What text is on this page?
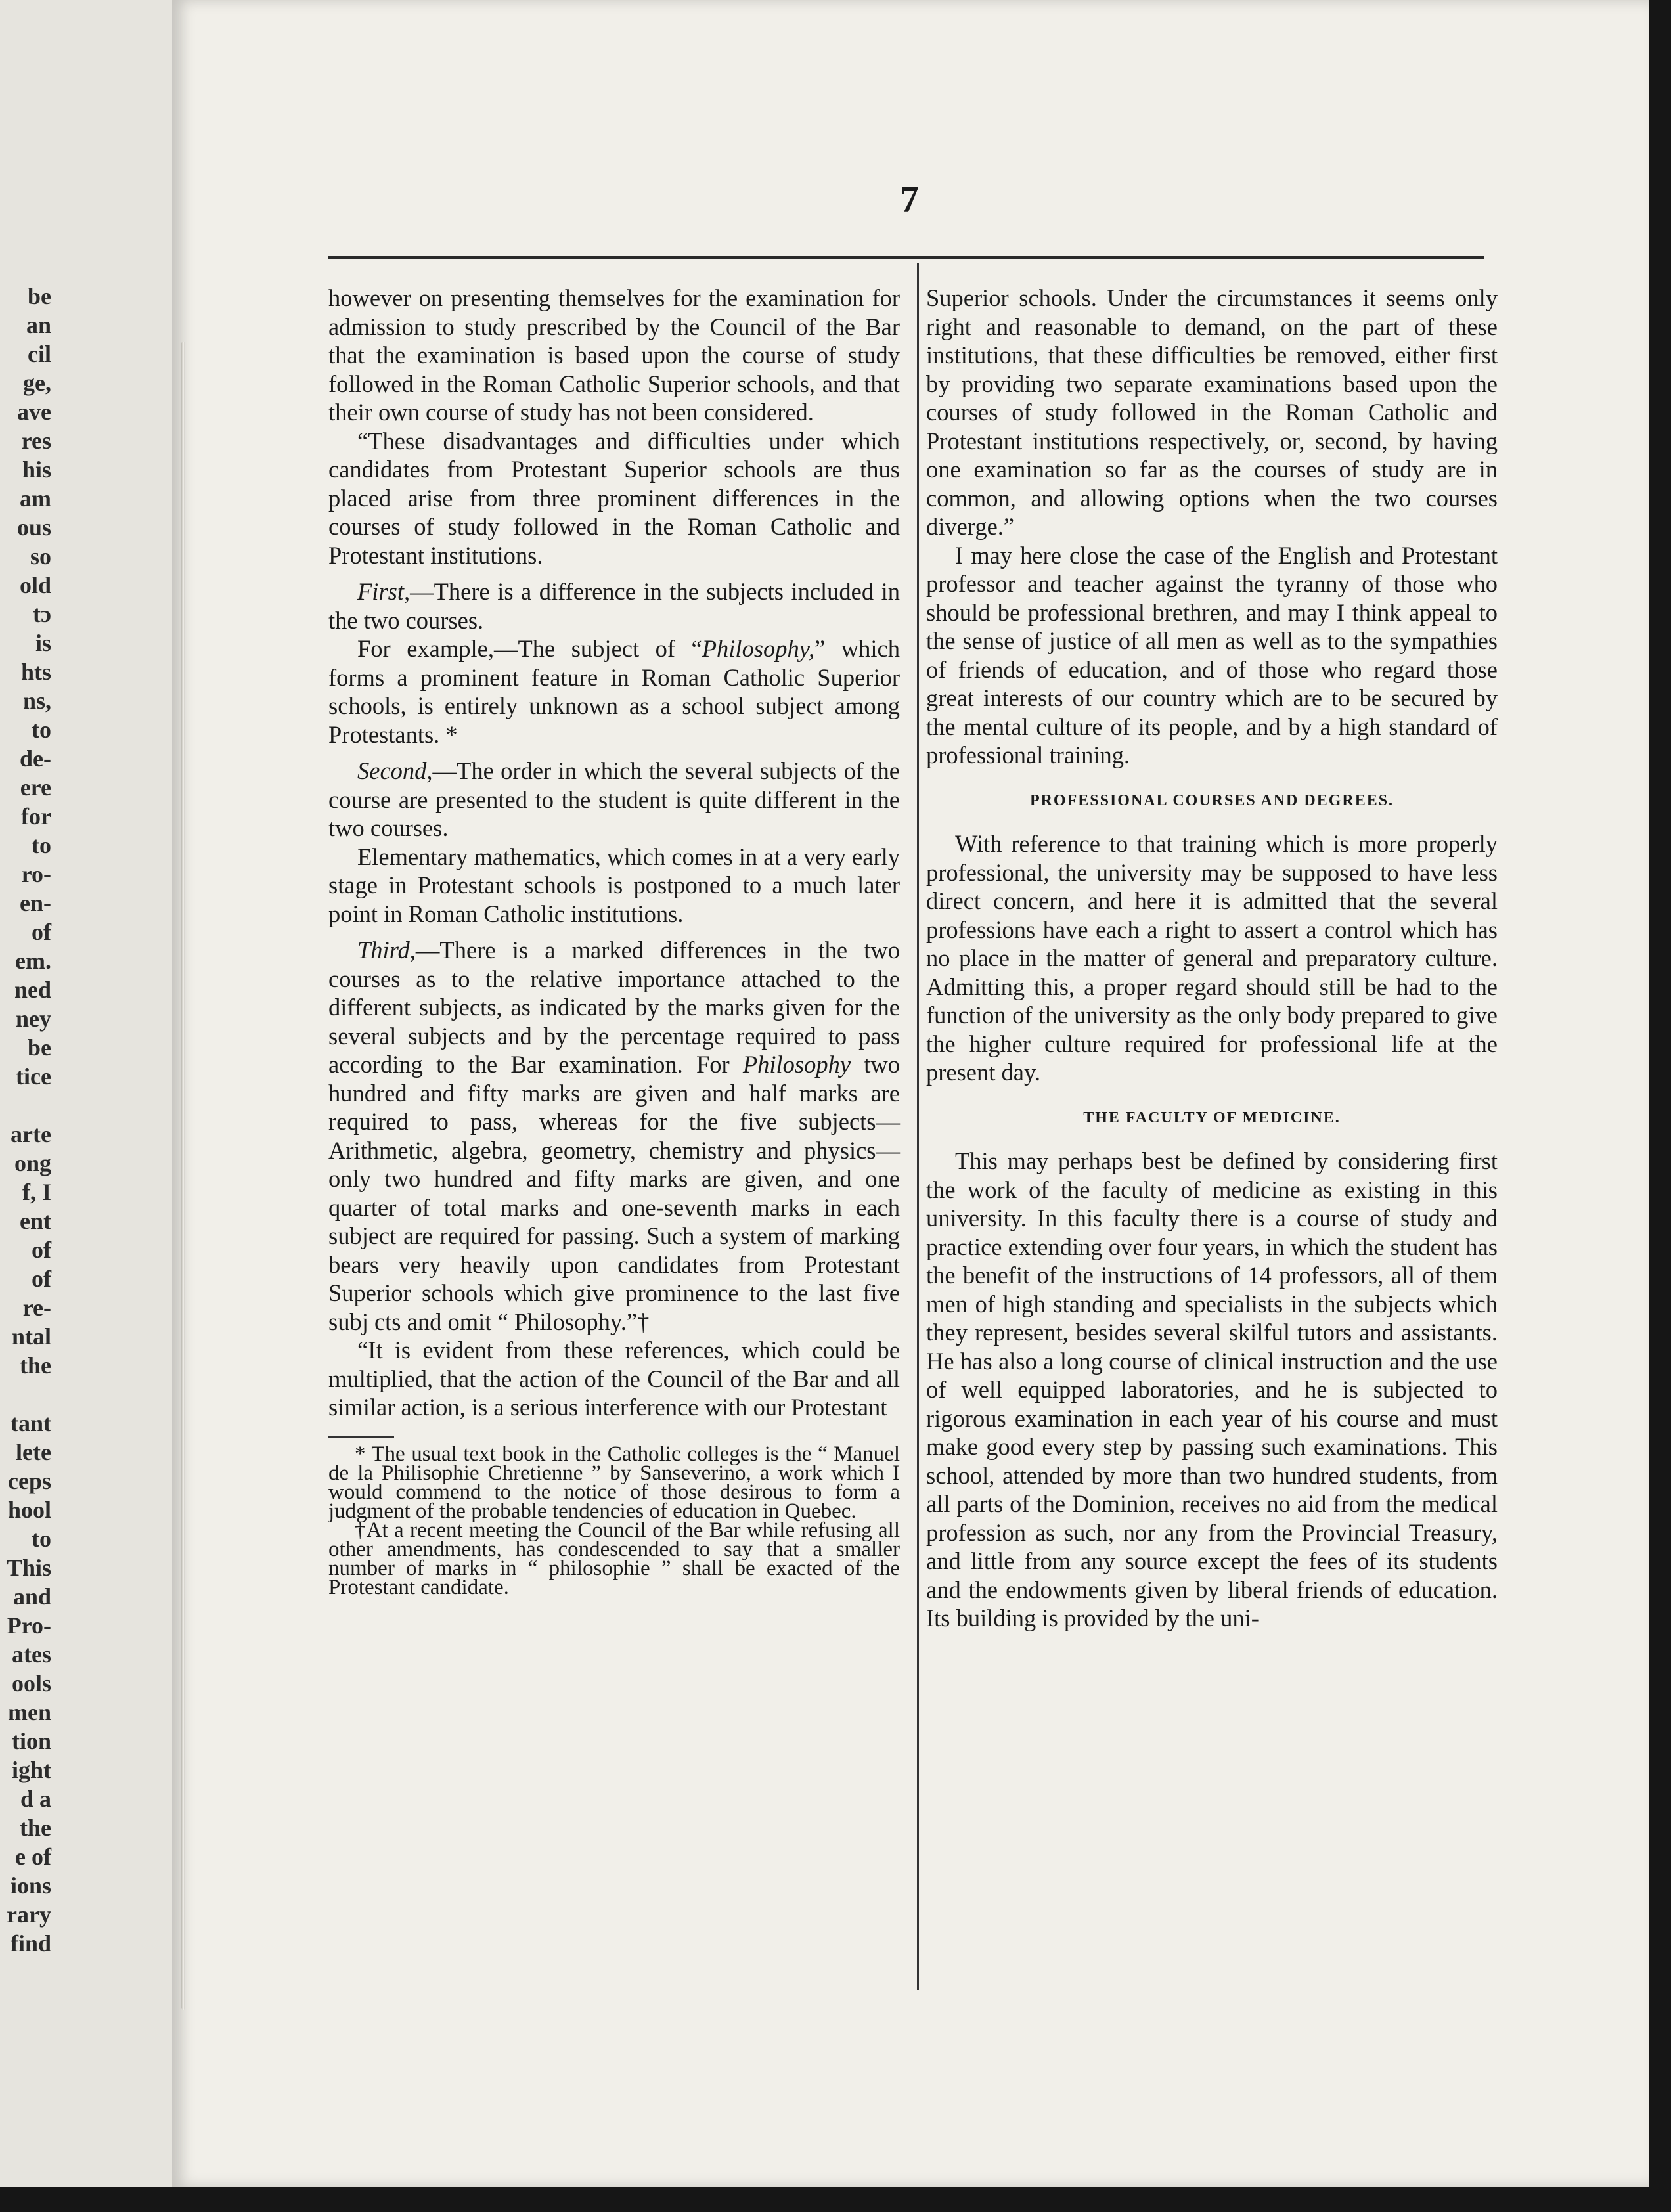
be
an
cil
ge,
ave
res
his
am
ous
so
old
tɔ
is
hts
ns,
to
de-
ere
for
to
ro-
en-
of
em.
ned
ney
be
tice
arte
ong
f, I
ent
of
of
re-
ntal
the
tant
lete
ceps
hool
to
This
and
Pro-
ates
ools
men
tion
ight
d a
the
e of
ions
rary
find
7

however on presenting themselves for the examination for admission to study prescribed by the Council of the Bar that the examination is based upon the course of study followed in the Roman Catholic Superior schools, and that their own course of study has not been considered.

“These disadvantages and difficulties under which candidates from Protestant Superior schools are thus placed arise from three prominent differences in the courses of study followed in the Roman Catholic and Protestant institutions.

First,—There is a difference in the subjects included in the two courses.

For example,—The subject of “Philosophy,” which forms a prominent feature in Roman Catholic Superior schools, is entirely unknown as a school subject among Protestants. *

Second,—The order in which the several subjects of the course are presented to the student is quite different in the two courses.

Elementary mathematics, which comes in at a very early stage in Protestant schools is postponed to a much later point in Roman Catholic institutions.

Third,—There is a marked differences in the two courses as to the relative importance attached to the different subjects, as indicated by the marks given for the several subjects and by the percentage required to pass according to the Bar examination. For Philosophy two hundred and fifty marks are given and half marks are required to pass, whereas for the five subjects—Arithmetic, algebra, geometry, chemistry and physics—only two hundred and fifty marks are given, and one quarter of total marks and one-seventh marks in each subject are required for passing. Such a system of marking bears very heavily upon candidates from Protestant Superior schools which give prominence to the last five subj cts and omit “ Philosophy.”†

“It is evident from these references, which could be multiplied, that the action of the Council of the Bar and all similar action, is a serious interference with our Protestant

* The usual text book in the Catholic colleges is the “ Manuel de la Philisophie Chretienne ” by Sanseverino, a work which I would commend to the notice of those desirous to form a judgment of the probable tendencies of education in Quebec.

†At a recent meeting the Council of the Bar while refusing all other amendments, has condescended to say that a smaller number of marks in “ philosophie ” shall be exacted of the Protestant candidate.

Superior schools. Under the circumstances it seems only right and reasonable to demand, on the part of these institutions, that these difficulties be removed, either first by providing two separate examinations based upon the courses of study followed in the Roman Catholic and Protestant institutions respectively, or, second, by having one examination so far as the courses of study are in common, and allowing options when the two courses diverge.”

I may here close the case of the English and Protestant professor and teacher against the tyranny of those who should be professional brethren, and may I think appeal to the sense of justice of all men as well as to the sympathies of friends of education, and of those who regard those great interests of our country which are to be secured by the mental culture of its people, and by a high standard of professional training.

PROFESSIONAL COURSES AND DEGREES.

With reference to that training which is more properly professional, the university may be supposed to have less direct concern, and here it is admitted that the several professions have each a right to assert a control which has no place in the matter of general and preparatory culture. Admitting this, a proper regard should still be had to the function of the university as the only body prepared to give the higher culture required for professional life at the present day.

THE FACULTY OF MEDICINE.

This may perhaps best be defined by considering first the work of the faculty of medicine as existing in this university. In this faculty there is a course of study and practice extending over four years, in which the student has the benefit of the instructions of 14 professors, all of them men of high standing and specialists in the subjects which they represent, besides several skilful tutors and assistants. He has also a long course of clinical instruction and the use of well equipped laboratories, and he is subjected to rigorous examination in each year of his course and must make good every step by passing such examinations. This school, attended by more than two hundred students, from all parts of the Dominion, receives no aid from the medical profession as such, nor any from the Provincial Treasury, and little from any source except the fees of its students and the endowments given by liberal friends of education. Its building is provided by the uni-
